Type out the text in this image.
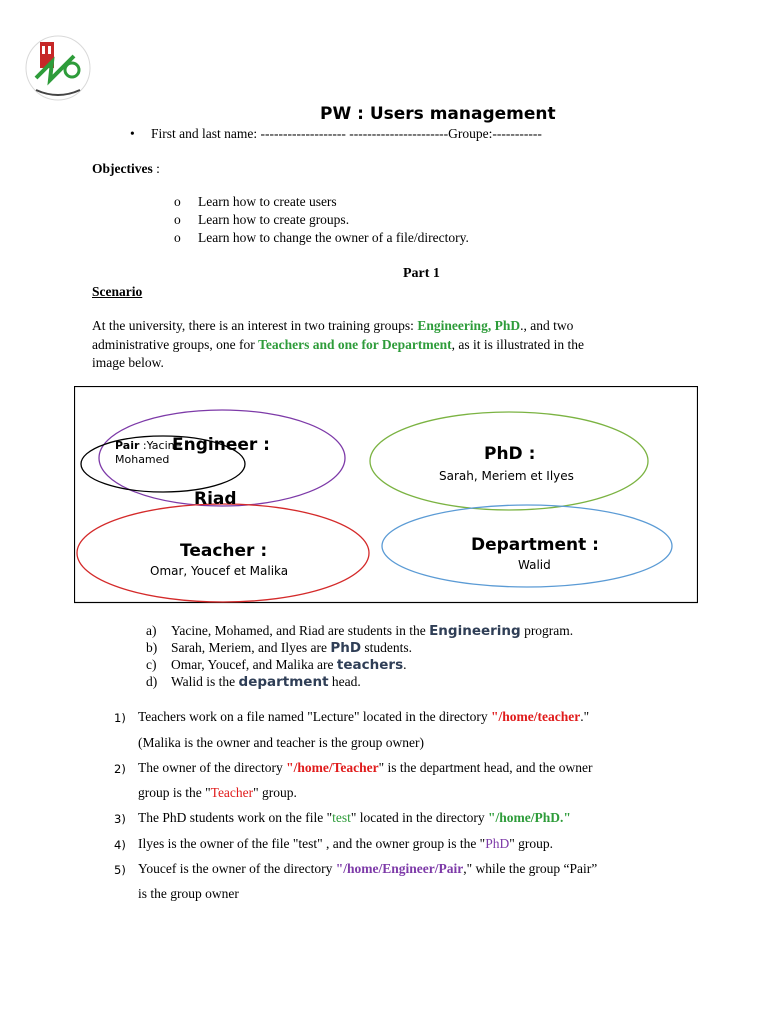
PW : Users management
• First and last name: ------------------- ----------------------Groupe:-----------
Objectives :
o Learn how to create users
o Learn how to create groups.
o Learn how to change the owner of a file/directory.
Part 1
Scenario
At the university, there is an interest in two training groups: Engineering, PhD., and two
administrative groups, one for Teachers and one for Department, as it is illustrated in the
image below.
Engineer :
Pair :Yacine
Mohamed
Riad
PhD :
Sarah, Meriem et Ilyes
Teacher :
Omar, Youcef et Malika
Department :
Walid
a) Yacine, Mohamed, and Riad are students in the Engineering program.
b) Sarah, Meriem, and Ilyes are PhD students.
c) Omar, Youcef, and Malika are teachers.
d) Walid is the department head.
1) Teachers work on a file named "Lecture" located in the directory "/home/teacher."
(Malika is the owner and teacher is the group owner)
2) The owner of the directory "/home/Teacher" is the department head, and the owner
group is the "Teacher" group.
3) The PhD students work on the file "test" located in the directory "/home/PhD."
4) Ilyes is the owner of the file "test" , and the owner group is the "PhD" group.
5) Youcef is the owner of the directory "/home/Engineer/Pair," while the group “Pair”
is the group owner
